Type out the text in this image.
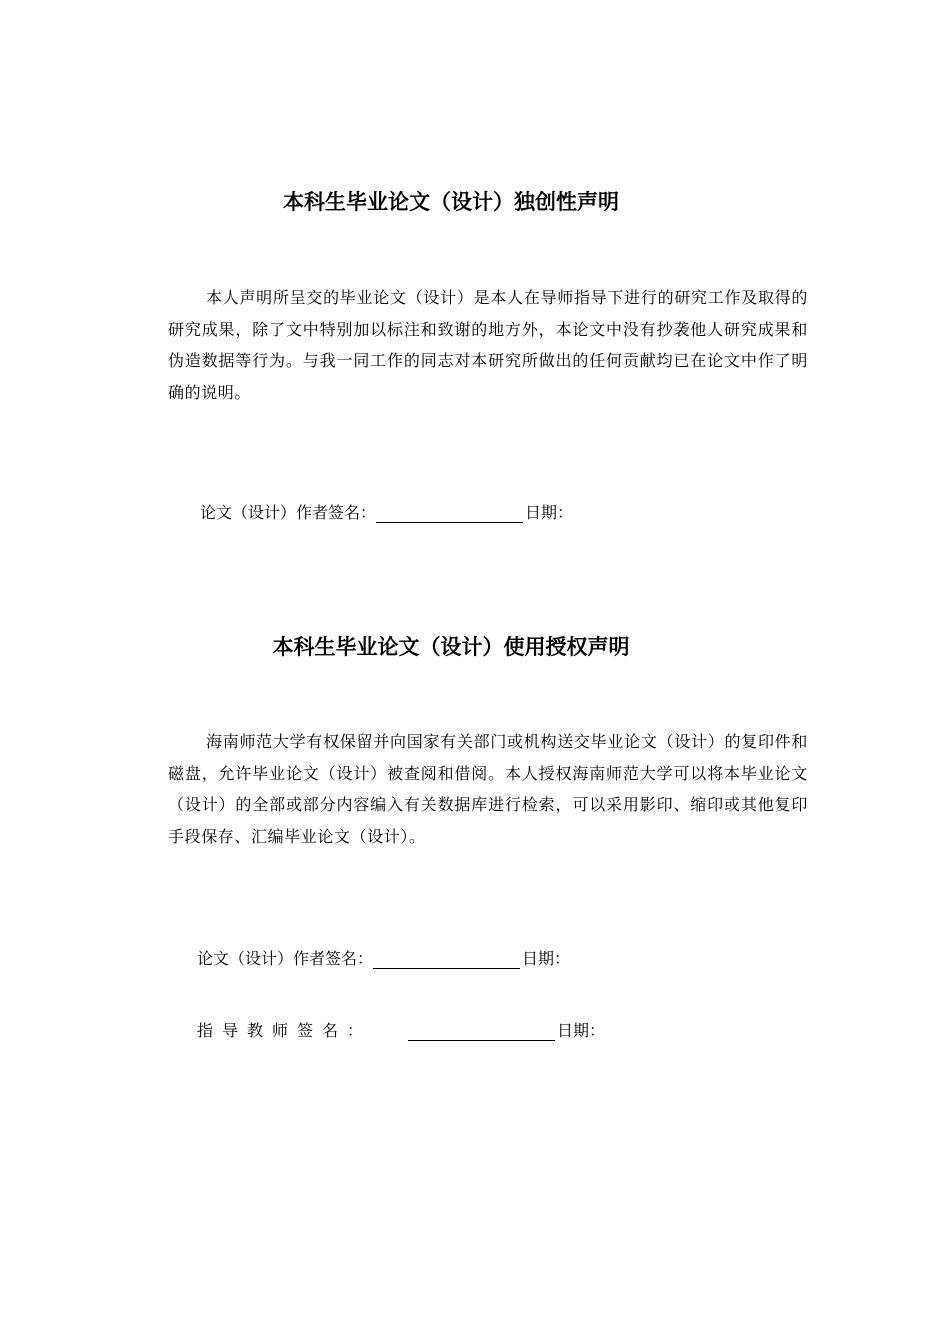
本科生毕业论文（设计）独创性声明
本人声明所呈交的毕业论文（设计）是本人在导师指导下进行的研究工作及取得的研究成果，除了文中特别加以标注和致谢的地方外，本论文中没有抄袭他人研究成果和伪造数据等行为。与我一同工作的同志对本研究所做出的任何贡献均已在论文中作了明确的说明。
论文（设计）作者签名：	日期：
本科生毕业论文（设计）使用授权声明
海南师范大学有权保留并向国家有关部门或机构送交毕业论文（设计）的复印件和磁盘，允许毕业论文（设计）被查阅和借阅。本人授权海南师范大学可以将本毕业论文（设计）的全部或部分内容编入有关数据库进行检索，可以采用影印、缩印或其他复印手段保存、汇编毕业论文（设计）。
论文（设计）作者签名：	日期：
指导教师签名：	日期：
